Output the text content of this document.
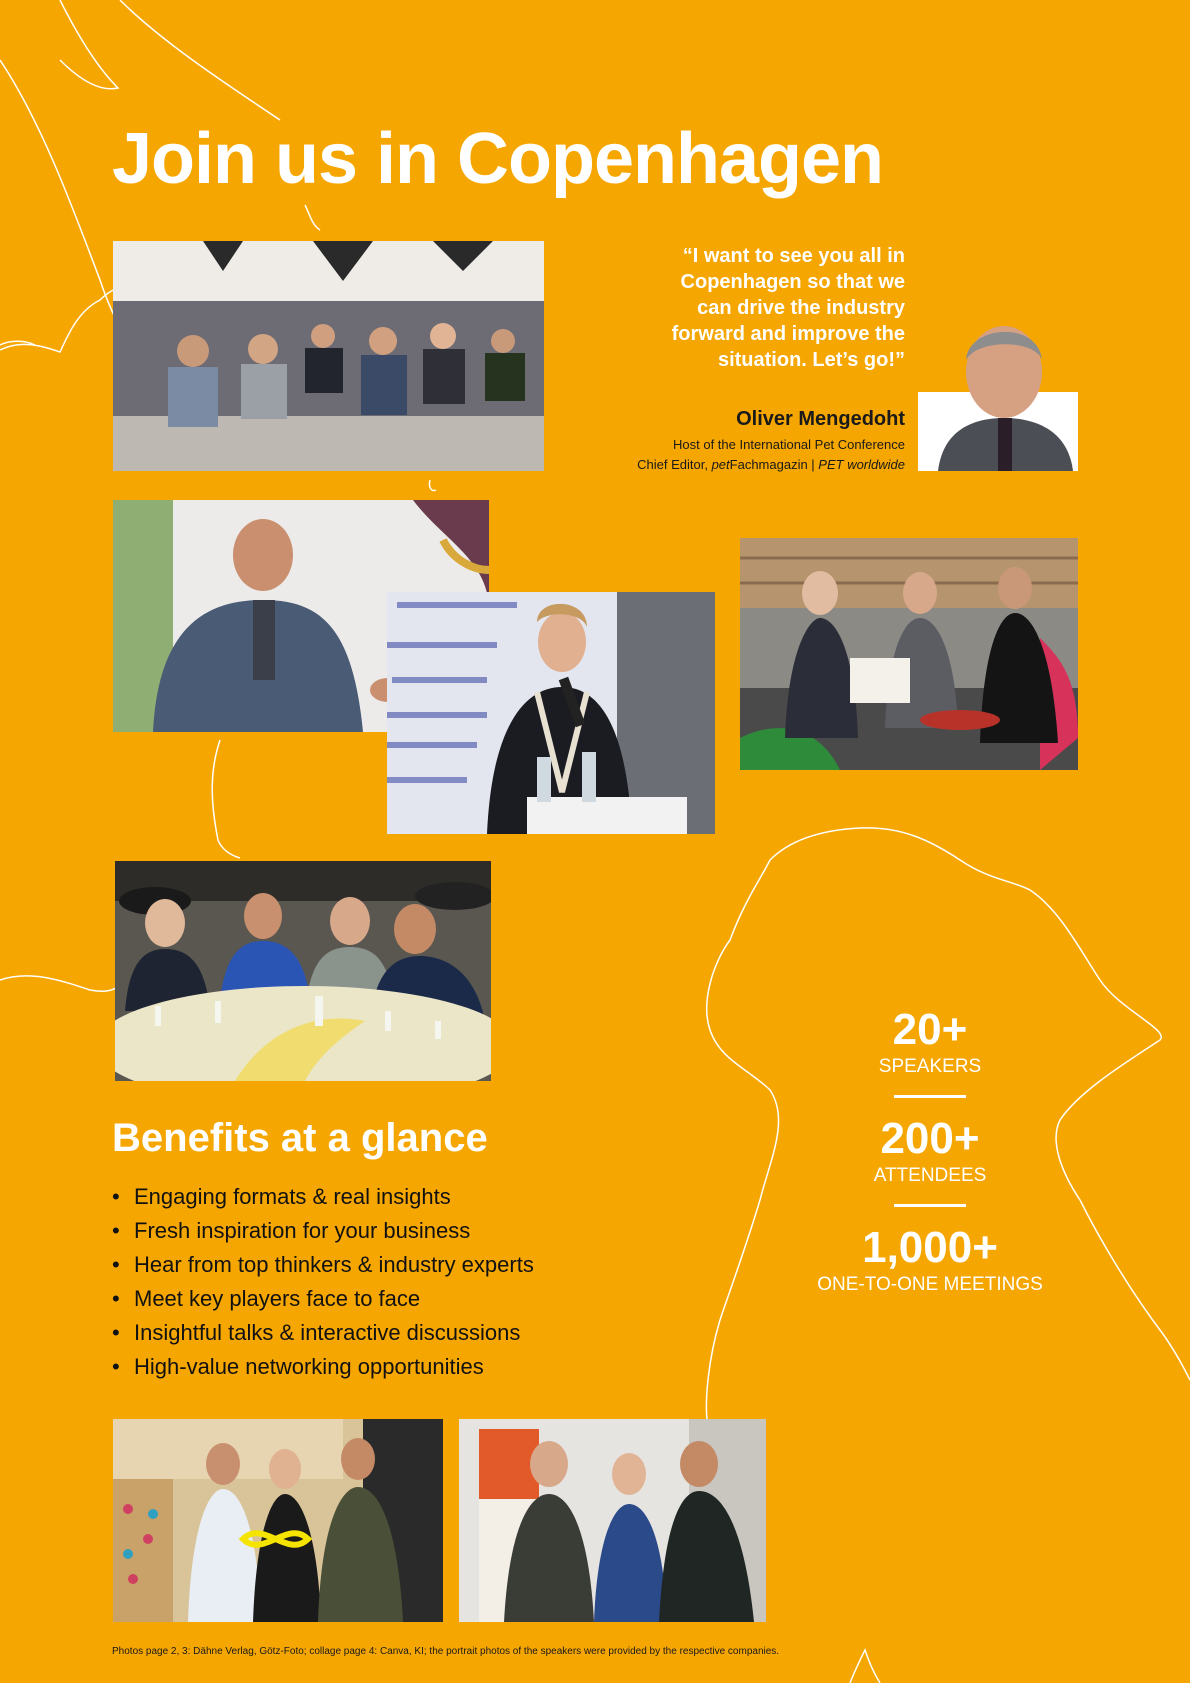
Join us in Copenhagen
“I want to see you all in
Copenhagen so that we
can drive the industry
forward and improve the
situation. Let’s go!”
Oliver Mengedoht
Host of the International Pet Conference
Chief Editor, petFachmagazin | PET worldwide
Benefits at a glance
• Engaging formats & real insights
• Fresh inspiration for your business
• Hear from top thinkers & industry experts
• Meet key players face to face
• Insightful talks & interactive discussions
• High-value networking opportunities
20+
SPEAKERS
200+
ATTENDEES
1,000+
ONE-TO-ONE MEETINGS
Photos page 2, 3: Dähne Verlag, Götz-Foto; collage page 4: Canva, KI; the portrait photos of the speakers were provided by the respective companies.
